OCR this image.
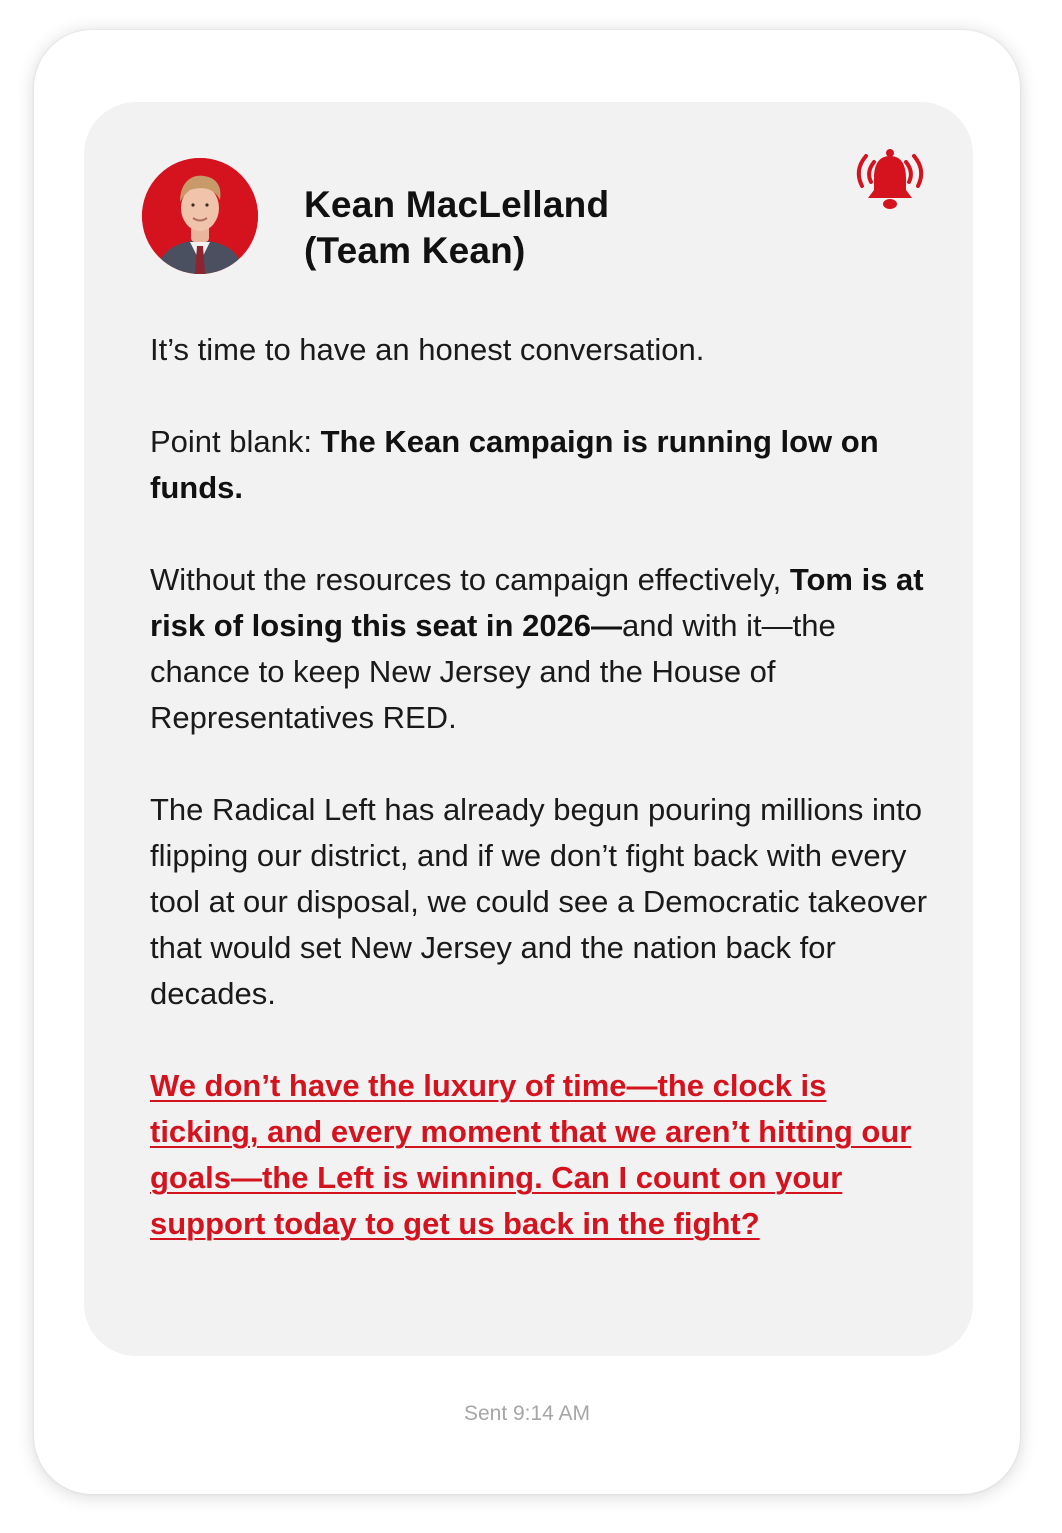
Kean MacLelland
(Team Kean)

It’s time to have an honest conversation.

Point blank: The Kean campaign is running low on funds.

Without the resources to campaign effectively, Tom is at risk of losing this seat in 2026—and with it—the chance to keep New Jersey and the House of Representatives RED.

The Radical Left has already begun pouring millions into flipping our district, and if we don’t fight back with every tool at our disposal, we could see a Democratic takeover that would set New Jersey and the nation back for decades.

We don’t have the luxury of time—the clock is ticking, and every moment that we aren’t hitting our goals—the Left is winning. Can I count on your support today to get us back in the fight?

Sent 9:14 AM
